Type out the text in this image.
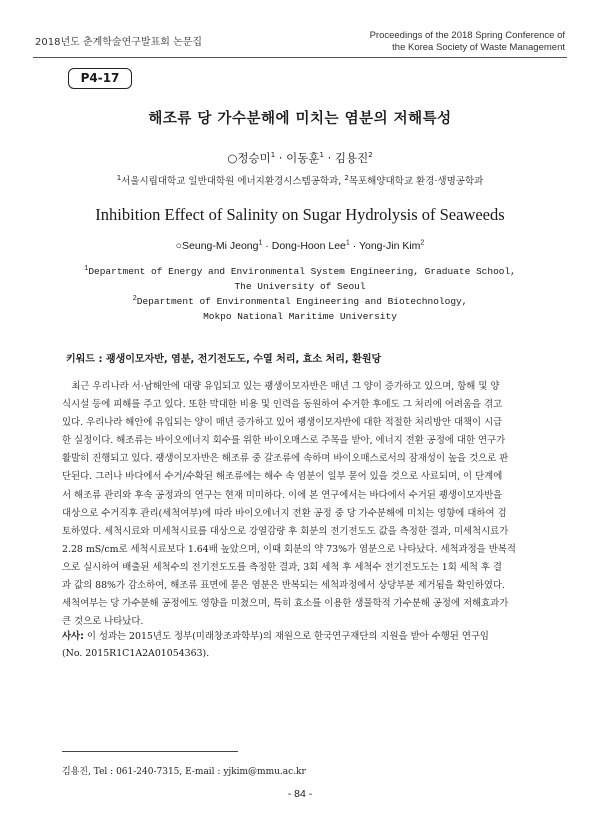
2018년도 춘계학술연구발표회 논문집
Proceedings of the 2018 Spring Conference of
the Korea Society of Waste Management
P4-17
해조류 당 가수분해에 미치는 염분의 저해특성
○정승미$^1$ · 이동훈$^1$ · 김용진$^2$
$^1$서울시립대학교 일반대학원 에너지환경시스템공학과, $^2$목포해양대학교 환경·생명공학과
Inhibition Effect of Salinity on Sugar Hydrolysis of Seaweeds
○Seung-Mi Jeong$^1$ · Dong-Hoon Lee$^1$ · Yong-Jin Kim$^2$
$^1$Department of Energy and Environmental System Engineering, Graduate School,
The University of Seoul
$^2$Department of Environmental Engineering and Biotechnology,
Mokpo National Maritime University
키워드 : 괭생이모자반, 염분, 전기전도도, 수열 처리, 효소 처리, 환원당
　최근 우리나라 서·남해안에 대량 유입되고 있는 괭생이모자반은 매년 그 양이 증가하고 있으며, 항해 및 양
식시설 등에 피해를 주고 있다. 또한 막대한 비용 및 인력을 동원하여 수거한 후에도 그 처리에 어려움을 겪고
있다. 우리나라 해안에 유입되는 양이 매년 증가하고 있어 괭생이모자반에 대한 적절한 처리방안 대책이 시급
한 실정이다. 해조류는 바이오에너지 회수를 위한 바이오매스로 주목을 받아, 에너지 전환 공정에 대한 연구가
활발히 진행되고 있다. 괭생이모자반은 해조류 중 갈조류에 속하며 바이오매스로서의 잠재성이 높을 것으로 판
단된다. 그러나 바다에서 수거/수확된 해조류에는 해수 속 염분이 일부 묻어 있을 것으로 사료되며, 이 단계에
서 해조류 관리와 후속 공정과의 연구는 현재 미미하다. 이에 본 연구에서는 바다에서 수거된 괭생이모자반을
대상으로 수거직후 관리(세척여부)에 따라 바이오에너지 전환 공정 중 당 가수분해에 미치는 영향에 대하여 검
토하였다. 세척시료와 미세척시료를 대상으로 강열감량 후 회분의 전기전도도 값을 측정한 결과, 미세척시료가
2.28 mS/cm로 세척시료보다 1.64배 높았으며, 이때 회분의 약 73%가 염분으로 나타났다. 세척과정을 반복적
으로 실시하여 배출된 세척수의 전기전도도를 측정한 결과, 3회 세척 후 세척수 전기전도도는 1회 세척 후 결
과 값의 88%가 감소하여, 해조류 표면에 묻은 염분은 반복되는 세척과정에서 상당부분 제거됨을 확인하였다.
세척여부는 당 가수분해 공정에도 영향을 미쳤으며, 특히 효소를 이용한 생물학적 가수분해 공정에 저해효과가
큰 것으로 나타났다.
사사: 이 성과는 2015년도 정부(미래창조과학부)의 재원으로 한국연구재단의 지원을 받아 수행된 연구임
(No. 2015R1C1A2A01054363).
김용진, Tel : 061-240-7315, E-mail : yjkim@mmu.ac.kr
- 84 -
